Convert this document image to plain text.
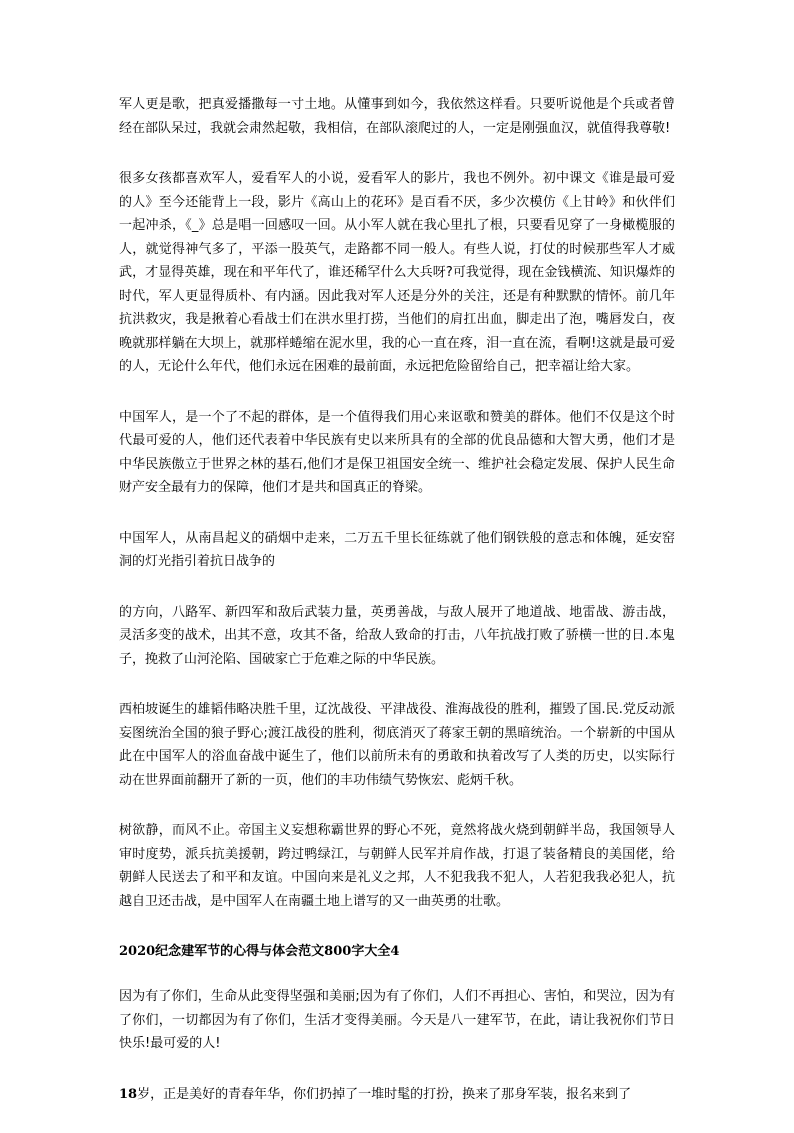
军人更是歌，把真爱播撒每一寸土地。从懂事到如今，我依然这样看。只要听说他是个兵或者曾经在部队呆过，我就会肃然起敬，我相信，在部队滚爬过的人，一定是刚强血汉，就值得我尊敬!

很多女孩都喜欢军人，爱看军人的小说，爱看军人的影片，我也不例外。初中课文《谁是最可爱的人》至今还能背上一段，影片《高山上的花环》是百看不厌，多少次模仿《上甘岭》和伙伴们一起冲杀，《_》总是唱一回感叹一回。从小军人就在我心里扎了根，只要看见穿了一身橄榄服的人，就觉得神气多了，平添一股英气，走路都不同一般人。有些人说，打仗的时候那些军人才威武，才显得英雄，现在和平年代了，谁还稀罕什么大兵呀?可我觉得，现在金钱横流、知识爆炸的时代，军人更显得质朴、有内涵。因此我对军人还是分外的关注，还是有种默默的情怀。前几年抗洪救灾，我是揪着心看战士们在洪水里打捞，当他们的肩扛出血，脚走出了泡，嘴唇发白，夜晚就那样躺在大坝上，就那样蜷缩在泥水里，我的心一直在疼，泪一直在流，看啊!这就是最可爱的人，无论什么年代，他们永远在困难的最前面，永远把危险留给自己，把幸福让给大家。

中国军人，是一个了不起的群体，是一个值得我们用心来讴歌和赞美的群体。他们不仅是这个时代最可爱的人，他们还代表着中华民族有史以来所具有的全部的优良品德和大智大勇，他们才是中华民族傲立于世界之林的基石,他们才是保卫祖国安全统一、维护社会稳定发展、保护人民生命财产安全最有力的保障，他们才是共和国真正的脊梁。

中国军人，从南昌起义的硝烟中走来，二万五千里长征练就了他们钢铁般的意志和体魄，延安窑洞的灯光指引着抗日战争的

的方向，八路军、新四军和敌后武装力量，英勇善战，与敌人展开了地道战、地雷战、游击战，灵活多变的战术，出其不意，攻其不备，给敌人致命的打击，八年抗战打败了骄横一世的日.本鬼子，挽救了山河沦陷、国破家亡于危难之际的中华民族。

西柏坡诞生的雄韬伟略决胜千里，辽沈战役、平津战役、淮海战役的胜利，摧毁了国.民.党反动派妄图统治全国的狼子野心;渡江战役的胜利，彻底消灭了蒋家王朝的黑暗统治。一个崭新的中国从此在中国军人的浴血奋战中诞生了，他们以前所未有的勇敢和执着改写了人类的历史，以实际行动在世界面前翻开了新的一页，他们的丰功伟绩气势恢宏、彪炳千秋。

树欲静，而风不止。帝国主义妄想称霸世界的野心不死，竟然将战火烧到朝鲜半岛，我国领导人审时度势，派兵抗美援朝，跨过鸭绿江，与朝鲜人民军并肩作战，打退了装备精良的美国佬，给朝鲜人民送去了和平和友谊。中国向来是礼义之邦，人不犯我我不犯人，人若犯我我必犯人，抗越自卫还击战，是中国军人在南疆土地上谱写的又一曲英勇的壮歌。

2020纪念建军节的心得与体会范文800字大全4

因为有了你们，生命从此变得坚强和美丽;因为有了你们，人们不再担心、害怕，和哭泣，因为有了你们，一切都因为有了你们，生活才变得美丽。今天是八一建军节，在此，请让我祝你们节日快乐!最可爱的人!

18岁，正是美好的青春年华，你们扔掉了一堆时髦的打扮，换来了那身军装，报名来到了
